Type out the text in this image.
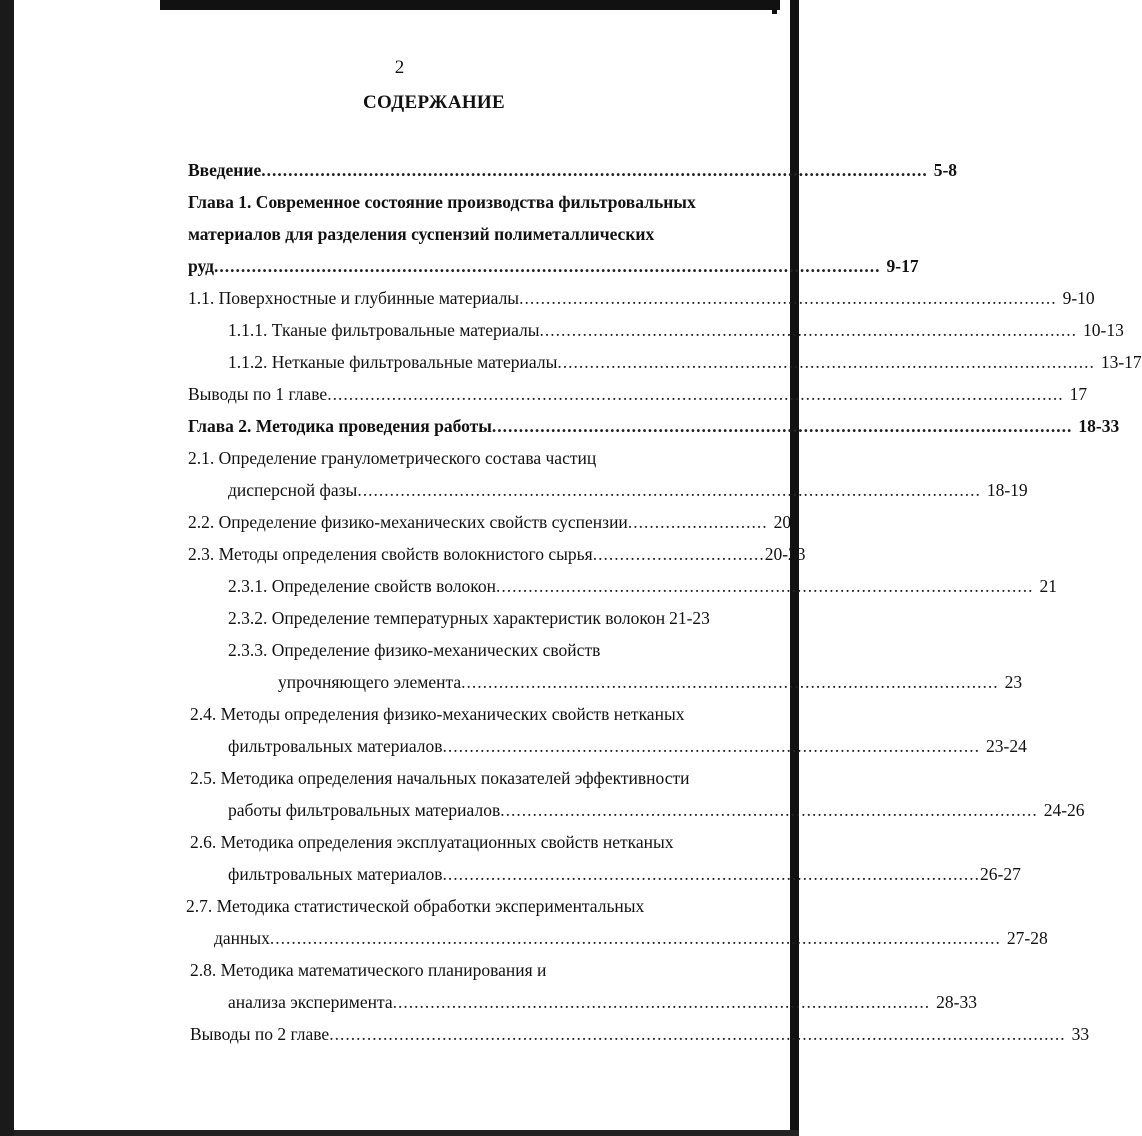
2
СОДЕРЖАНИЕ
Введение ............................................................................................................................ 5-8
Глава 1. Современное состояние производства фильтровальных
материалов для разделения суспензий полиметаллических
руд ............................................................................................................................ 9-17
1.1. Поверхностные и глубинные материалы .................................................................................................... 9-10
1.1.1. Тканые фильтровальные материалы .................................................................................................... 10-13
1.1.2. Нетканые фильтровальные материалы .................................................................................................... 13-17
Выводы по 1 главе ......................................................................................................................................... 17
Глава 2. Методика проведения работы ............................................................................................................ 18-33
2.1. Определение гранулометрического состава частиц
дисперсной фазы .................................................................................................................... 18-19
2.2. Определение физико-механических свойств суспензии .......................... 20
2.3. Методы определения свойств волокнистого сырья ................................ 20-23
2.3.1. Определение свойств волокон .................................................................................................... 21
2.3.2. Определение температурных характеристик волокон 21-23
2.3.3. Определение физико-механических свойств
упрочняющего элемента .................................................................................................... 23
2.4. Методы определения физико-механических свойств нетканых
фильтровальных материалов .................................................................................................... 23-24
2.5. Методика определения начальных показателей эффективности
работы фильтровальных материалов .................................................................................................... 24-26
2.6. Методика определения эксплуатационных свойств нетканых
фильтровальных материалов .................................................................................................... 26-27
2.7. Методика статистической обработки экспериментальных
данных ........................................................................................................................................ 27-28
2.8. Методика математического планирования и
анализа эксперимента .................................................................................................... 28-33
Выводы по 2 главе ......................................................................................................................................... 33
